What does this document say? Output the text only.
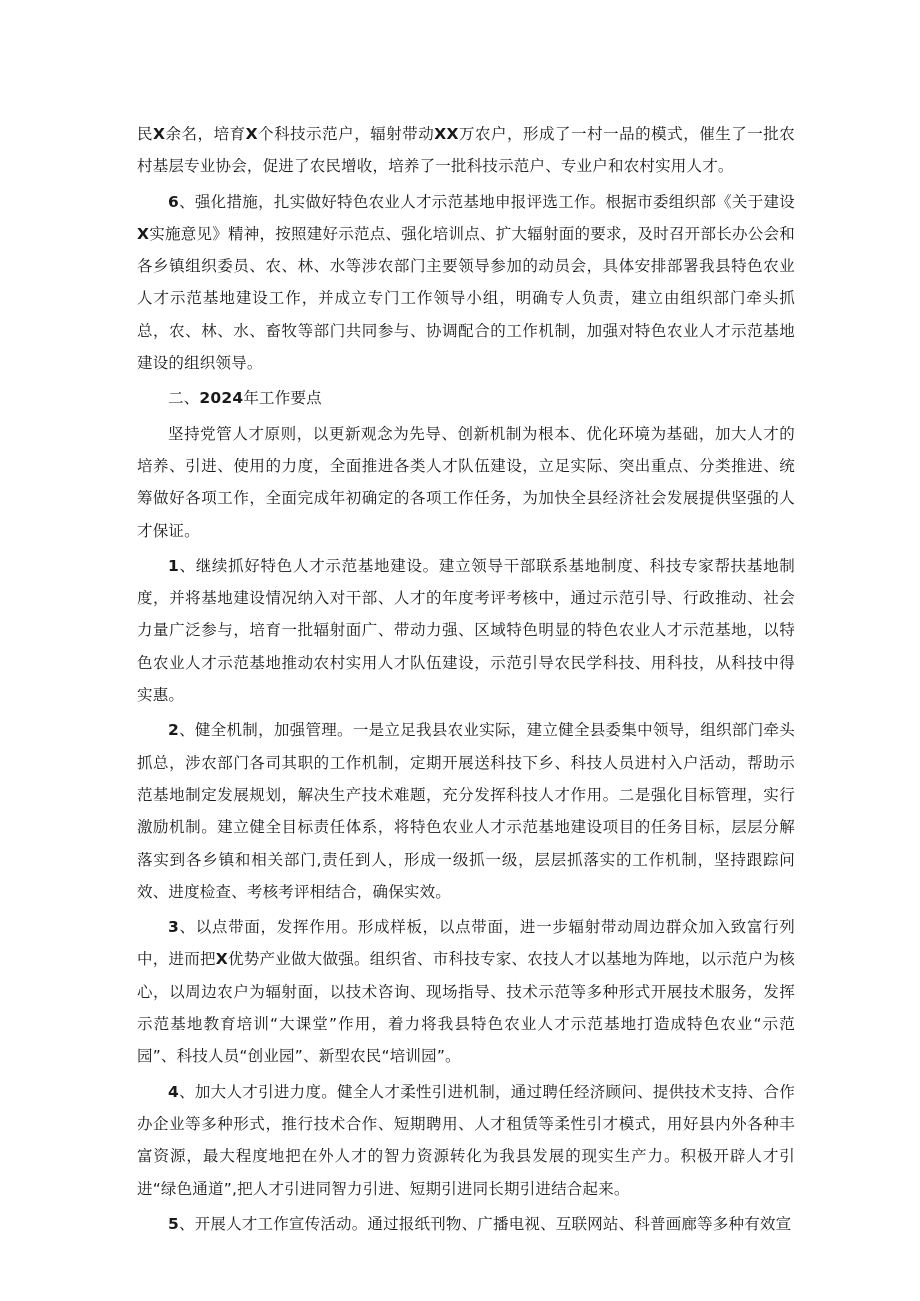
民X余名，培育X个科技示范户，辐射带动XX万农户，形成了一村一品的模式，催生了一批农村基层专业协会，促进了农民增收，培养了一批科技示范户、专业户和农村实用人才。

6、强化措施，扎实做好特色农业人才示范基地申报评选工作。根据市委组织部《关于建设X实施意见》精神，按照建好示范点、强化培训点、扩大辐射面的要求，及时召开部长办公会和各乡镇组织委员、农、林、水等涉农部门主要领导参加的动员会，具体安排部署我县特色农业人才示范基地建设工作，并成立专门工作领导小组，明确专人负责，建立由组织部门牵头抓总，农、林、水、畜牧等部门共同参与、协调配合的工作机制，加强对特色农业人才示范基地建设的组织领导。

二、2024年工作要点

坚持党管人才原则，以更新观念为先导、创新机制为根本、优化环境为基础，加大人才的培养、引进、使用的力度，全面推进各类人才队伍建设，立足实际、突出重点、分类推进、统筹做好各项工作，全面完成年初确定的各项工作任务，为加快全县经济社会发展提供坚强的人才保证。

1、继续抓好特色人才示范基地建设。建立领导干部联系基地制度、科技专家帮扶基地制度，并将基地建设情况纳入对干部、人才的年度考评考核中，通过示范引导、行政推动、社会力量广泛参与，培育一批辐射面广、带动力强、区域特色明显的特色农业人才示范基地，以特色农业人才示范基地推动农村实用人才队伍建设，示范引导农民学科技、用科技，从科技中得实惠。

2、健全机制，加强管理。一是立足我县农业实际，建立健全县委集中领导，组织部门牵头抓总，涉农部门各司其职的工作机制，定期开展送科技下乡、科技人员进村入户活动，帮助示范基地制定发展规划，解决生产技术难题，充分发挥科技人才作用。二是强化目标管理，实行激励机制。建立健全目标责任体系，将特色农业人才示范基地建设项目的任务目标，层层分解落实到各乡镇和相关部门,责任到人，形成一级抓一级，层层抓落实的工作机制，坚持跟踪问效、进度检查、考核考评相结合，确保实效。

3、以点带面，发挥作用。形成样板，以点带面，进一步辐射带动周边群众加入致富行列中，进而把X优势产业做大做强。组织省、市科技专家、农技人才以基地为阵地，以示范户为核心，以周边农户为辐射面，以技术咨询、现场指导、技术示范等多种形式开展技术服务，发挥示范基地教育培训“大课堂”作用，着力将我县特色农业人才示范基地打造成特色农业“示范园”、科技人员“创业园”、新型农民“培训园”。

4、加大人才引进力度。健全人才柔性引进机制，通过聘任经济顾问、提供技术支持、合作办企业等多种形式，推行技术合作、短期聘用、人才租赁等柔性引才模式，用好县内外各种丰富资源，最大程度地把在外人才的智力资源转化为我县发展的现实生产力。积极开辟人才引进“绿色通道”,把人才引进同智力引进、短期引进同长期引进结合起来。

5、开展人才工作宣传活动。通过报纸刊物、广播电视、互联网站、科普画廊等多种有效宣
